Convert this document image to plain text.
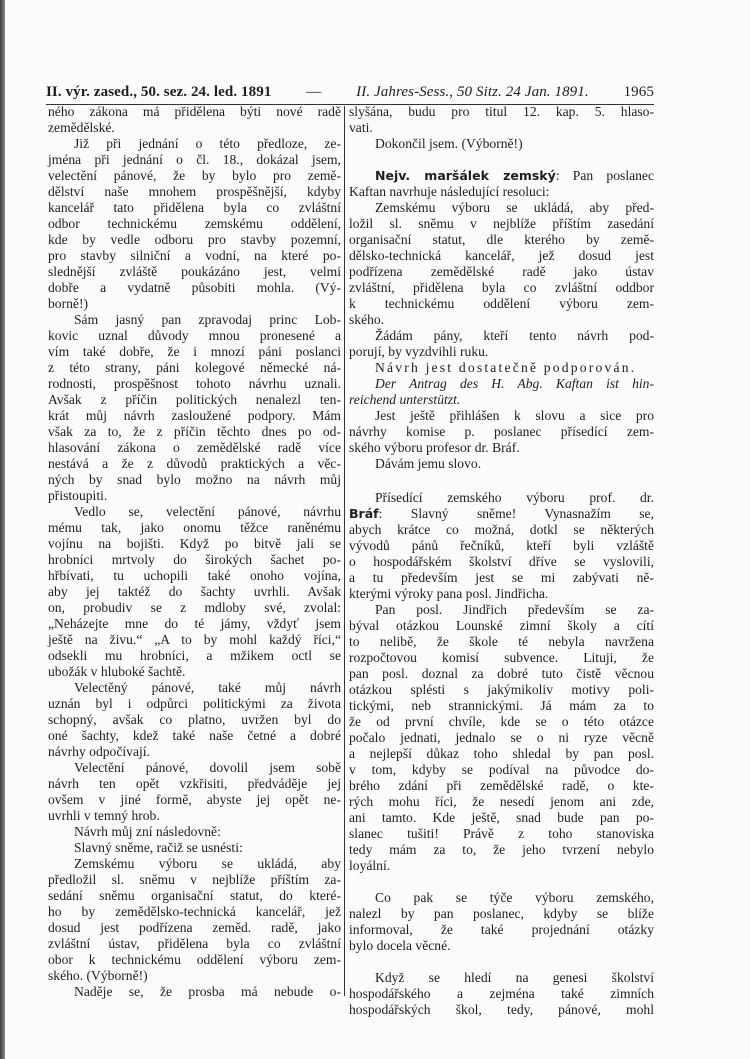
II. výr. zased., 50. sez. 24. led. 1891 — II. Jahres-Sess., 50 Sitz. 24 Jan. 1891. 1965
ného zákona má přidělena býti nové radě
zemědělské.
Již při jednání o této předloze, ze-
jména při jednání o čl. 18., dokázal jsem,
velectění pánové, že by bylo pro země-
dělství naše mnohem prospěšnější, kdyby
kancelář tato přidělena byla co zvláštní
odbor technickému zemskému oddělení,
kde by vedle odboru pro stavby pozemní,
pro stavby silniční a vodní, na které po-
slednější zvláště poukázáno jest, velmi
dobře a vydatně působiti mohla. (Vý-
borně!)
Sám jasný pan zpravodaj princ Lob-
kovic uznal důvody mnou pronesené a
vím také dobře, že i mnozí páni poslanci
z této strany, páni kolegové německé ná-
rodnosti, prospěšnost tohoto návrhu uznali.
Avšak z příčin politických nenalezl ten-
krát můj návrh zasloužené podpory. Mám
však za to, že z příčin těchto dnes po od-
hlasování zákona o zemědělské radě více
nestává a že z důvodů praktických a věc-
ných by snad bylo možno na návrh můj
přistoupiti.
Vedlo se, velectění pánové, návrhu
mému tak, jako onomu těžce raněnému
vojínu na bojišti. Když po bitvě jali se
hrobníci mrtvoly do širokých šachet po-
hřbívati, tu uchopili také onoho vojína,
aby jej taktéž do šachty uvrhli. Avšak
on, probudiv se z mdloby své, zvolal:
„Neházejte mne do té jámy, vždyť jsem
ještě na živu.“ „A to by mohl každý říci,“
odsekli mu hrobníci, a mžikem octl se
ubožák v hluboké šachtě.
Velectěný pánové, také můj návrh
uznán byl i odpůrci politickými za života
schopný, avšak co platno, uvržen byl do
oné šachty, kdež také naše četné a dobré
návrhy odpočívají.
Velectění pánové, dovolil jsem sobě
návrh ten opět vzkřisiti, předváděje jej
ovšem v jiné formě, abyste jej opět ne-
uvrhli v temný hrob.
Návrh můj zní následovně:
Slavný sněme, račiž se usnésti:
Zemskému výboru se ukládá, aby
předložil sl. sněmu v nejblíže příštím za-
sedání sněmu organisační statut, do které-
ho by zemědělsko-technická kancelář, jež
dosud jest podřízena zeměd. radě, jako
zvláštní ústav, přidělena byla co zvláštní
obor k technickému oddělení výboru zem-
ského. (Výborně!)
Naděje se, že prosba má nebude o-
slyšána, budu pro titul 12. kap. 5. hlaso-
vati.
Dokončil jsem. (Výborně!)
Nejv. maršálek zemský: Pan poslanec
Kaftan navrhuje následující resoluci:
Zemskému výboru se ukládá, aby před-
ložil sl. sněmu v nejblíže příštím zasedání
organisační statut, dle kterého by země-
dělsko-technická kancelář, jež dosud jest
podřízena zemědělské radě jako ústav
zvláštní, přidělena byla co zvláštní oddbor
k technickému oddělení výboru zem-
ského.
Žádám pány, kteří tento návrh pod-
porují, by vyzdvihli ruku.
Návrh jest dostatečně podporován.
Der Antrag des H. Abg. Kaftan ist hin-
reichend unterstützt.
Jest ještě přihlášen k slovu a sice pro
návrhy komise p. poslanec přísedící zem-
ského výboru profesor dr. Bráf.
Dávám jemu slovo.
Přísedící zemského výboru prof. dr.
Bráf: Slavný sněme! Vynasnažím se,
abych krátce co možná, dotkl se některých
vývodů pánů řečníků, kteří byli vzláště
o hospodářském školství dříve se vyslovili,
a tu především jest se mi zabývati ně-
kterými výroky pana posl. Jindřicha.
Pan posl. Jindřich především se za-
býval otázkou Lounské zimní školy a cítí
to nelibě, že škole té nebyla navržena
rozpočtovou komisí subvence. Lituji, že
pan posl. doznal za dobré tuto čistě věcnou
otázkou splésti s jakýmikoliv motivy poli-
tickými, neb strannickými. Já mám za to
že od první chvíle, kde se o této otázce
počalo jednati, jednalo se o ni ryze věcně
a nejlepší důkaz toho shledal by pan posl.
v tom, kdyby se podíval na původce do-
brého zdání při zemědělské radě, o kte-
rých mohu říci, že nesedí jenom ani zde,
ani tamto. Kde ještě, snad bude pan po-
slanec tušiti! Právě z toho stanoviska
tedy mám za to, že jeho tvrzení nebylo
loyální.
Co pak se týče výboru zemského,
nalezl by pan poslanec, kdyby se blíže
informoval, že také projednání otázky
bylo docela věcné.
Když se hledí na genesi školství
hospodářského a zejména také zimních
hospodářských škol, tedy, pánové, mohl
